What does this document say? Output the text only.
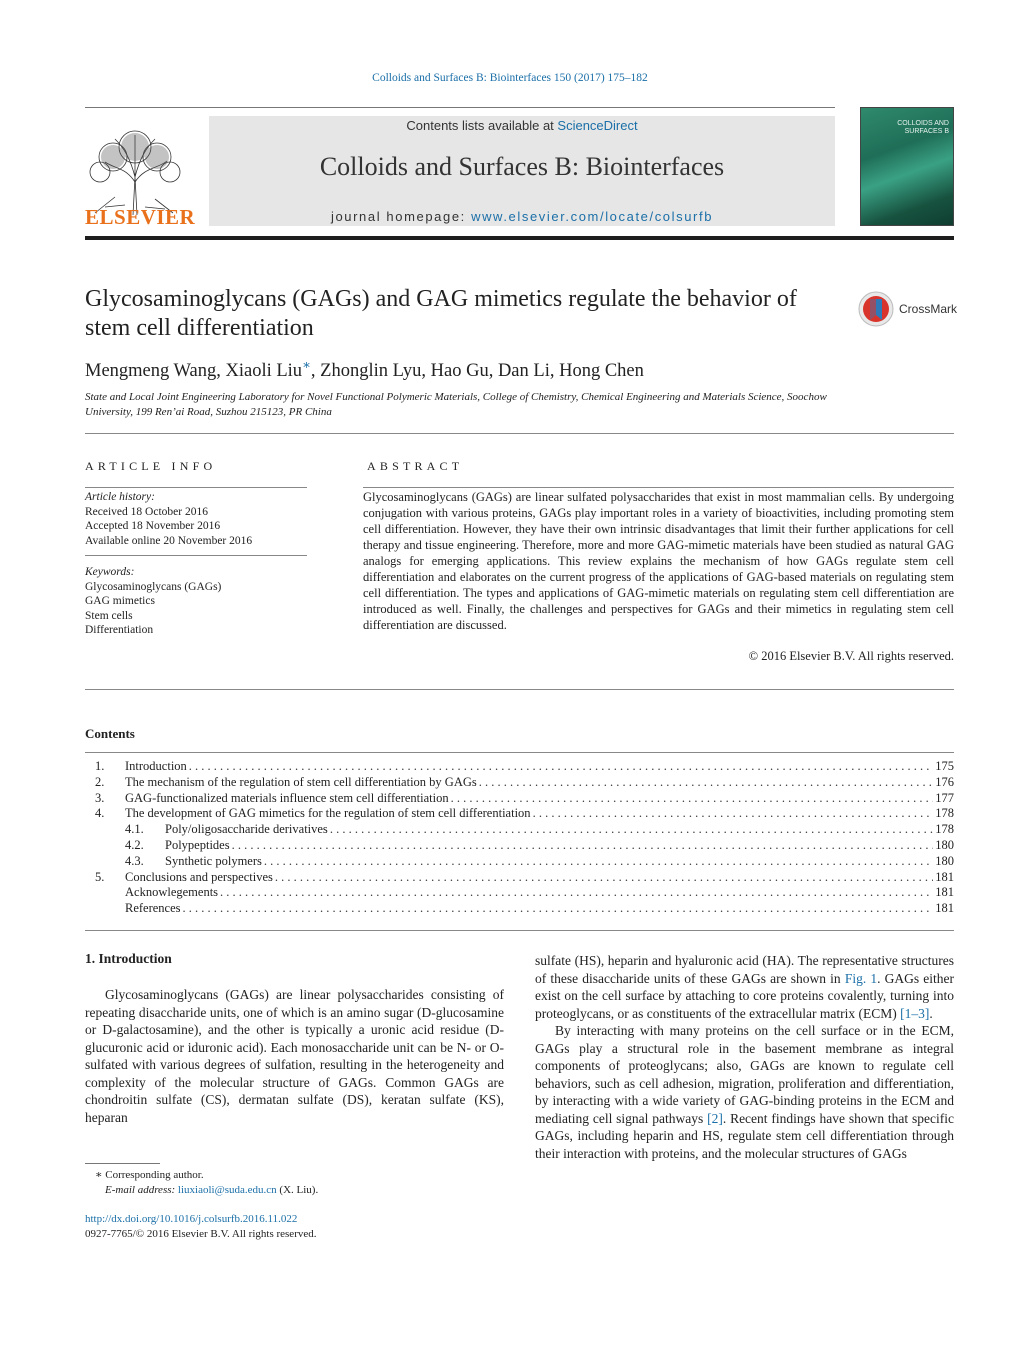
Colloids and Surfaces B: Biointerfaces 150 (2017) 175–182
ELSEVIER
Contents lists available at ScienceDirect
Colloids and Surfaces B: Biointerfaces
journal homepage: www.elsevier.com/locate/colsurfb
COLLOIDS AND SURFACES B
Glycosaminoglycans (GAGs) and GAG mimetics regulate the behavior of stem cell differentiation
CrossMark
Mengmeng Wang, Xiaoli Liu∗, Zhonglin Lyu, Hao Gu, Dan Li, Hong Chen
State and Local Joint Engineering Laboratory for Novel Functional Polymeric Materials, College of Chemistry, Chemical Engineering and Materials Science, Soochow University, 199 Ren’ai Road, Suzhou 215123, PR China
ARTICLE INFO
Article history:
Received 18 October 2016
Accepted 18 November 2016
Available online 20 November 2016
Keywords:
Glycosaminoglycans (GAGs)
GAG mimetics
Stem cells
Differentiation
ABSTRACT

Glycosaminoglycans (GAGs) are linear sulfated polysaccharides that exist in most mammalian cells. By undergoing conjugation with various proteins, GAGs play important roles in a variety of bioactivities, including promoting stem cell differentiation. However, they have their own intrinsic disadvantages that limit their further applications for cell therapy and tissue engineering. Therefore, more and more GAG-mimetic materials have been studied as natural GAG analogs for emerging applications. This review explains the mechanism of how GAGs regulate stem cell differentiation and elaborates on the current progress of the applications of GAG-based materials on regulating stem cell differentiation. The types and applications of GAG-mimetic materials on regulating stem cell differentiation are introduced as well. Finally, the challenges and perspectives for GAGs and their mimetics in regulating stem cell differentiation are discussed.

© 2016 Elsevier B.V. All rights reserved.
Contents
1.	Introduction . . .	175
2.	The mechanism of the regulation of stem cell differentiation by GAGs . . .	176
3.	GAG-functionalized materials influence stem cell differentiation . . .	177
4.	The development of GAG mimetics for the regulation of stem cell differentiation . . .	178
4.1.	Poly/oligosaccharide derivatives . . .	178
4.2.	Polypeptides . . .	180
4.3.	Synthetic polymers . . .	180
5.	Conclusions and perspectives . . .	181
Acknowlegements . . .	181
References . . .	181
1. Introduction

Glycosaminoglycans (GAGs) are linear polysaccharides consisting of repeating disaccharide units, one of which is an amino sugar (D-glucosamine or D-galactosamine), and the other is typically a uronic acid residue (D-glucuronic acid or iduronic acid). Each monosaccharide unit can be N- or O-sulfated with various degrees of sulfation, resulting in the heterogeneity and complexity of the molecular structure of GAGs. Common GAGs are chondroitin sulfate (CS), dermatan sulfate (DS), keratan sulfate (KS), heparan

sulfate (HS), heparin and hyaluronic acid (HA). The representative structures of these disaccharide units of these GAGs are shown in Fig. 1. GAGs either exist on the cell surface by attaching to core proteins covalently, turning into proteoglycans, or as constituents of the extracellular matrix (ECM) [1–3].

By interacting with many proteins on the cell surface or in the ECM, GAGs play a structural role in the basement membrane as integral components of proteoglycans; also, GAGs are known to regulate cell behaviors, such as cell adhesion, migration, proliferation and differentiation, by interacting with a wide variety of GAG-binding proteins in the ECM and mediating cell signal pathways [2]. Recent findings have shown that specific GAGs, including heparin and HS, regulate stem cell differentiation through their interaction with proteins, and the molecular structures of GAGs

∗ Corresponding author.
E-mail address: liuxiaoli@suda.edu.cn (X. Liu).
http://dx.doi.org/10.1016/j.colsurfb.2016.11.022
0927-7765/© 2016 Elsevier B.V. All rights reserved.
